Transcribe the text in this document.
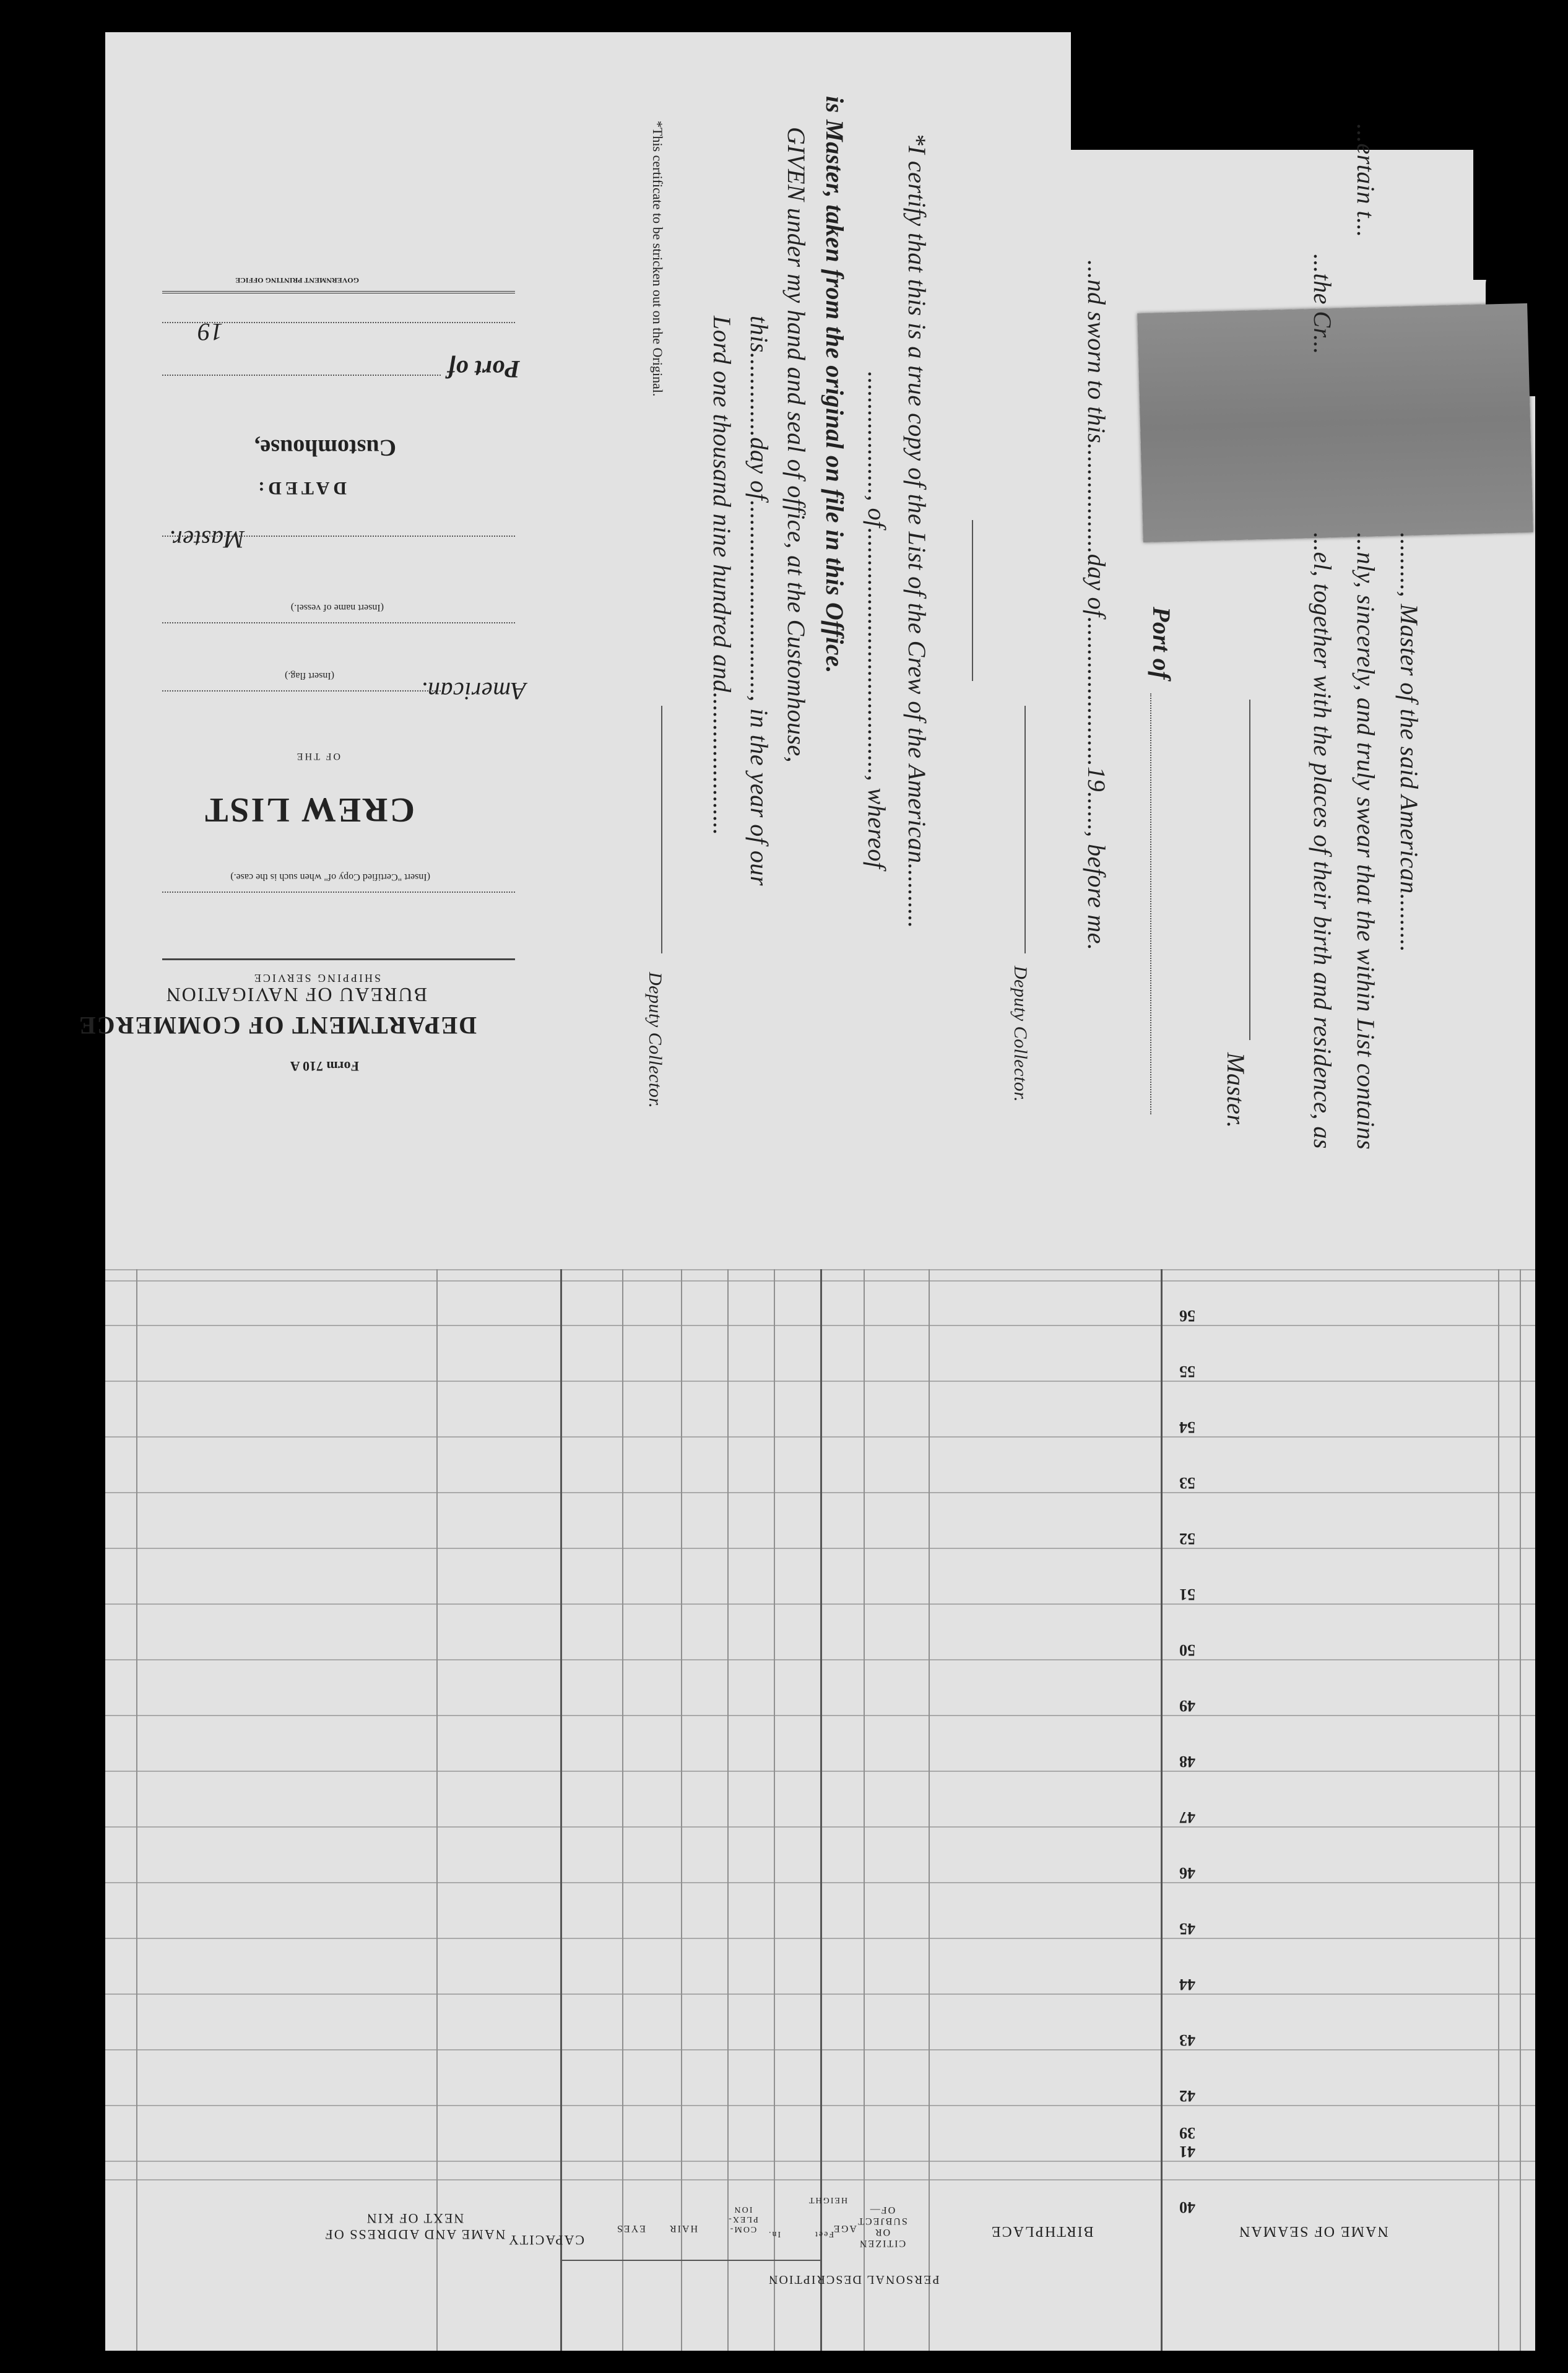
........., Master of the said American.........
...ertain t...
...nly, sincerely, and truly swear that the within List contains
...the Cr...
...el, together with the places of their birth and residence, as
Master.
Port of
...nd sworn to this.................day of.......................19......, before me.
Deputy Collector.
*I certify that this is a true copy of the List of the Crew of the American..........
..................., of......................................, whereof
is Master, taken from the original on file in this Office.
GIVEN under my hand and seal of office, at the Customhouse,
this.............day of.............................., in the year of our
Lord one thousand nine hundred and......................
Deputy Collector.
*This certificate to be stricken out on the Original.
Form 710 A
DEPARTMENT OF COMMERCE
BUREAU OF NAVIGATION
SHIPPING SERVICE
(Insert "Certified Copy of" when such is the case.)
CREW LIST
OF THE
American.
(Insert flag.)
(Insert name of vessel.)
Master.
DATED:
Customhouse,
Port of
19
GOVERNMENT PRINTING OFFICE
56
55
54
53
52
51
50
49
48
47
46
45
44
43
42
41
40
39
NAME OF SEAMAN
BIRTHPLACE
CITIZEN OR SUBJECT OF—
AGE
HEIGHT
Feet
In.
COM- PLEX- ION
HAIR
EYES
PERSONAL DESCRIPTION
CAPACITY
NAME AND ADDRESS OF NEXT OF KIN
